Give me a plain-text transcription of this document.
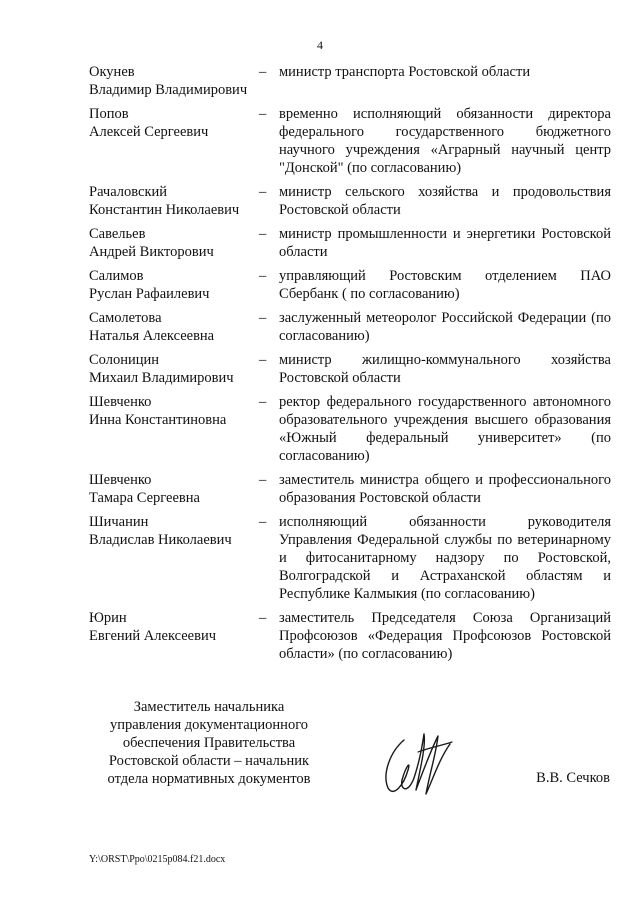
4
Окунев
Владимир Владимирович
– министр транспорта Ростовской области
Попов
Алексей Сергеевич
– временно исполняющий обязанности директора федерального государственного бюджетного научного учреждения «Аграрный научный центр "Донской" (по согласованию)
Рачаловский
Константин Николаевич
– министр сельского хозяйства и продовольствия Ростовской области
Савельев
Андрей Викторович
– министр промышленности и энергетики Ростовской области
Салимов
Руслан Рафаилевич
– управляющий Ростовским отделением ПАО Сбербанк ( по согласованию)
Самолетова
Наталья Алексеевна
– заслуженный метеоролог Российской Федерации (по согласованию)
Солоницин
Михаил Владимирович
– министр жилищно-коммунального хозяйства Ростовской области
Шевченко
Инна Константиновна
– ректор федерального государственного автономного образовательного учреждения высшего образования «Южный федеральный университет» (по согласованию)
Шевченко
Тамара Сергеевна
– заместитель министра общего и профессионального образования Ростовской области
Шичанин
Владислав Николаевич
– исполняющий обязанности руководителя Управления Федеральной службы по ветеринарному и фитосанитарному надзору по Ростовской, Волгоградской и Астраханской областям и Республике Калмыкия (по согласованию)
Юрин
Евгений Алексеевич
– заместитель Председателя Союза Организаций Профсоюзов «Федерация Профсоюзов Ростовской области» (по согласованию)
Заместитель начальника
управления документационного
обеспечения Правительства
Ростовской области – начальник
отдела нормативных документов	В.В. Сечков
Y:\ORST\Ppo\0215p084.f21.docx
